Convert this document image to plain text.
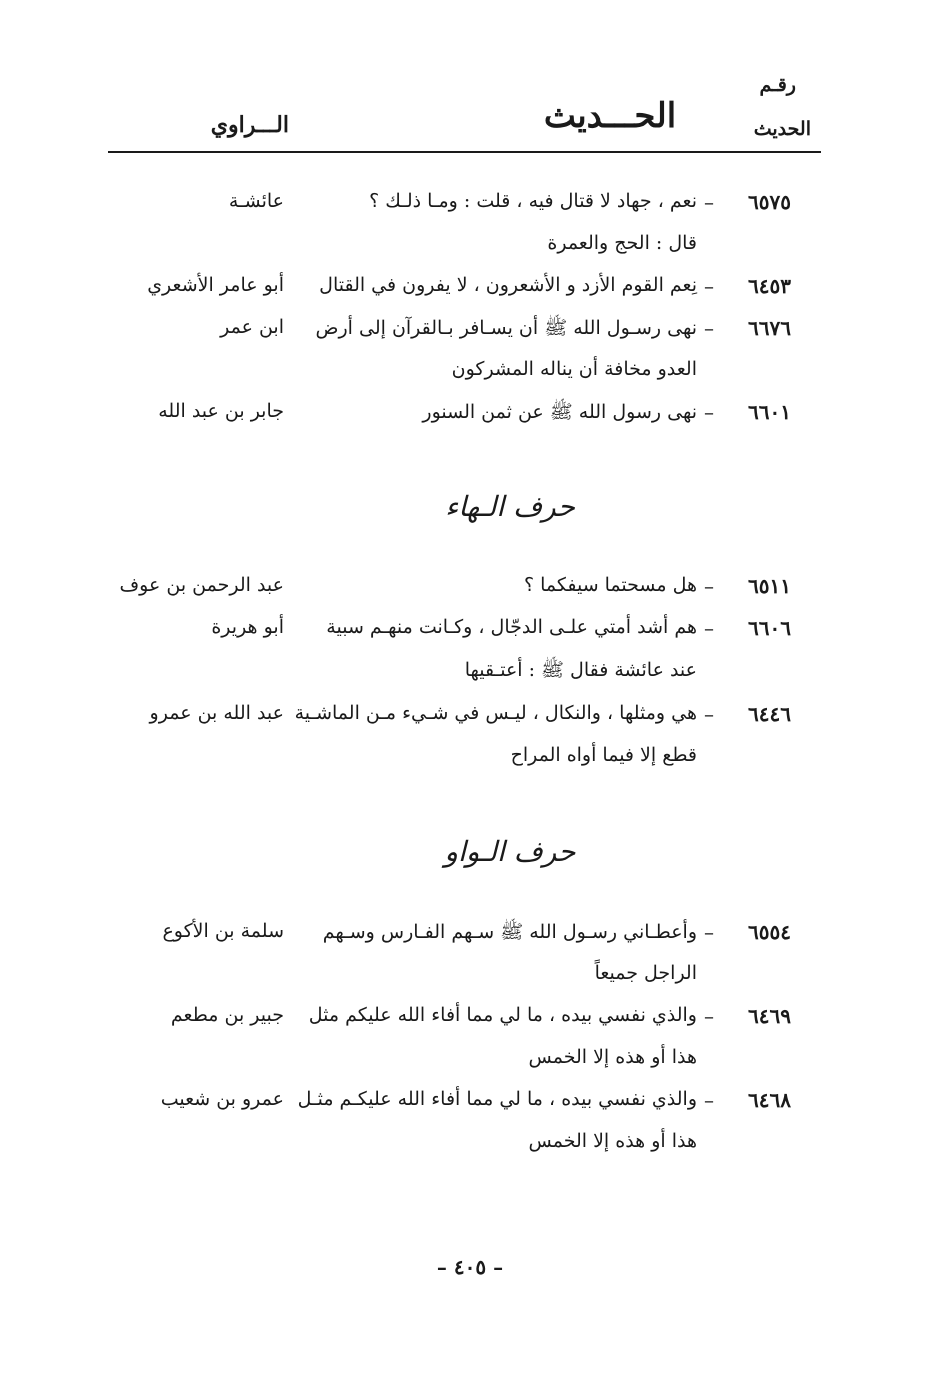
رقـم
الحديث
الحـــديث
الـــراوي
٦٥٧٥
–
نعم ، جهاد لا قتال فيه ، قلت : ومـا ذلـك ؟
عائشـة
قال : الحج والعمرة
٦٤٥٣
–
نِعم القوم الأزد و الأشعرون ، لا يفرون في القتال
أبو عامر الأشعري
٦٦٧٦
–
نهى رسـول الله ﷺ أن يسـافر بـالقرآن إلى أرض
ابن عمر
العدو مخافة أن يناله المشركون
٦٦٠١
–
نهى رسول الله ﷺ عن ثمن السنور
جابر بن عبد الله
حرف الـهاء
٦٥١١
–
هل مسحتما سيفكما ؟
عبد الرحمن بن عوف
٦٦٠٦
–
هم أشد أمتي علـى الدجّال ، وكـانت منهـم سبية
أبو هريرة
عند عائشة فقال ﷺ : أعتـقيها
٦٤٤٦
–
هي ومثلها ، والنكال ، ليـس في شـيء مـن الماشـية
عبد الله بن عمرو
قطع إلا فيما أواه المراح
حرف الـواو
٦٥٥٤
–
وأعطـاني رسـول الله ﷺ سـهم الفـارس وسـهم
سلمة بن الأكوع
الراجل جميعاً
٦٤٦٩
–
والذي نفسي بيده ، ما لي مما أفاء الله عليكم مثل
جبير بن مطعم
هذا أو هذه إلا الخمس
٦٤٦٨
–
والذي نفسي بيده ، ما لي مما أفاء الله عليكـم مثـل
عمرو بن شعيب
هذا أو هذه إلا الخمس
– ٤٠٥ –
